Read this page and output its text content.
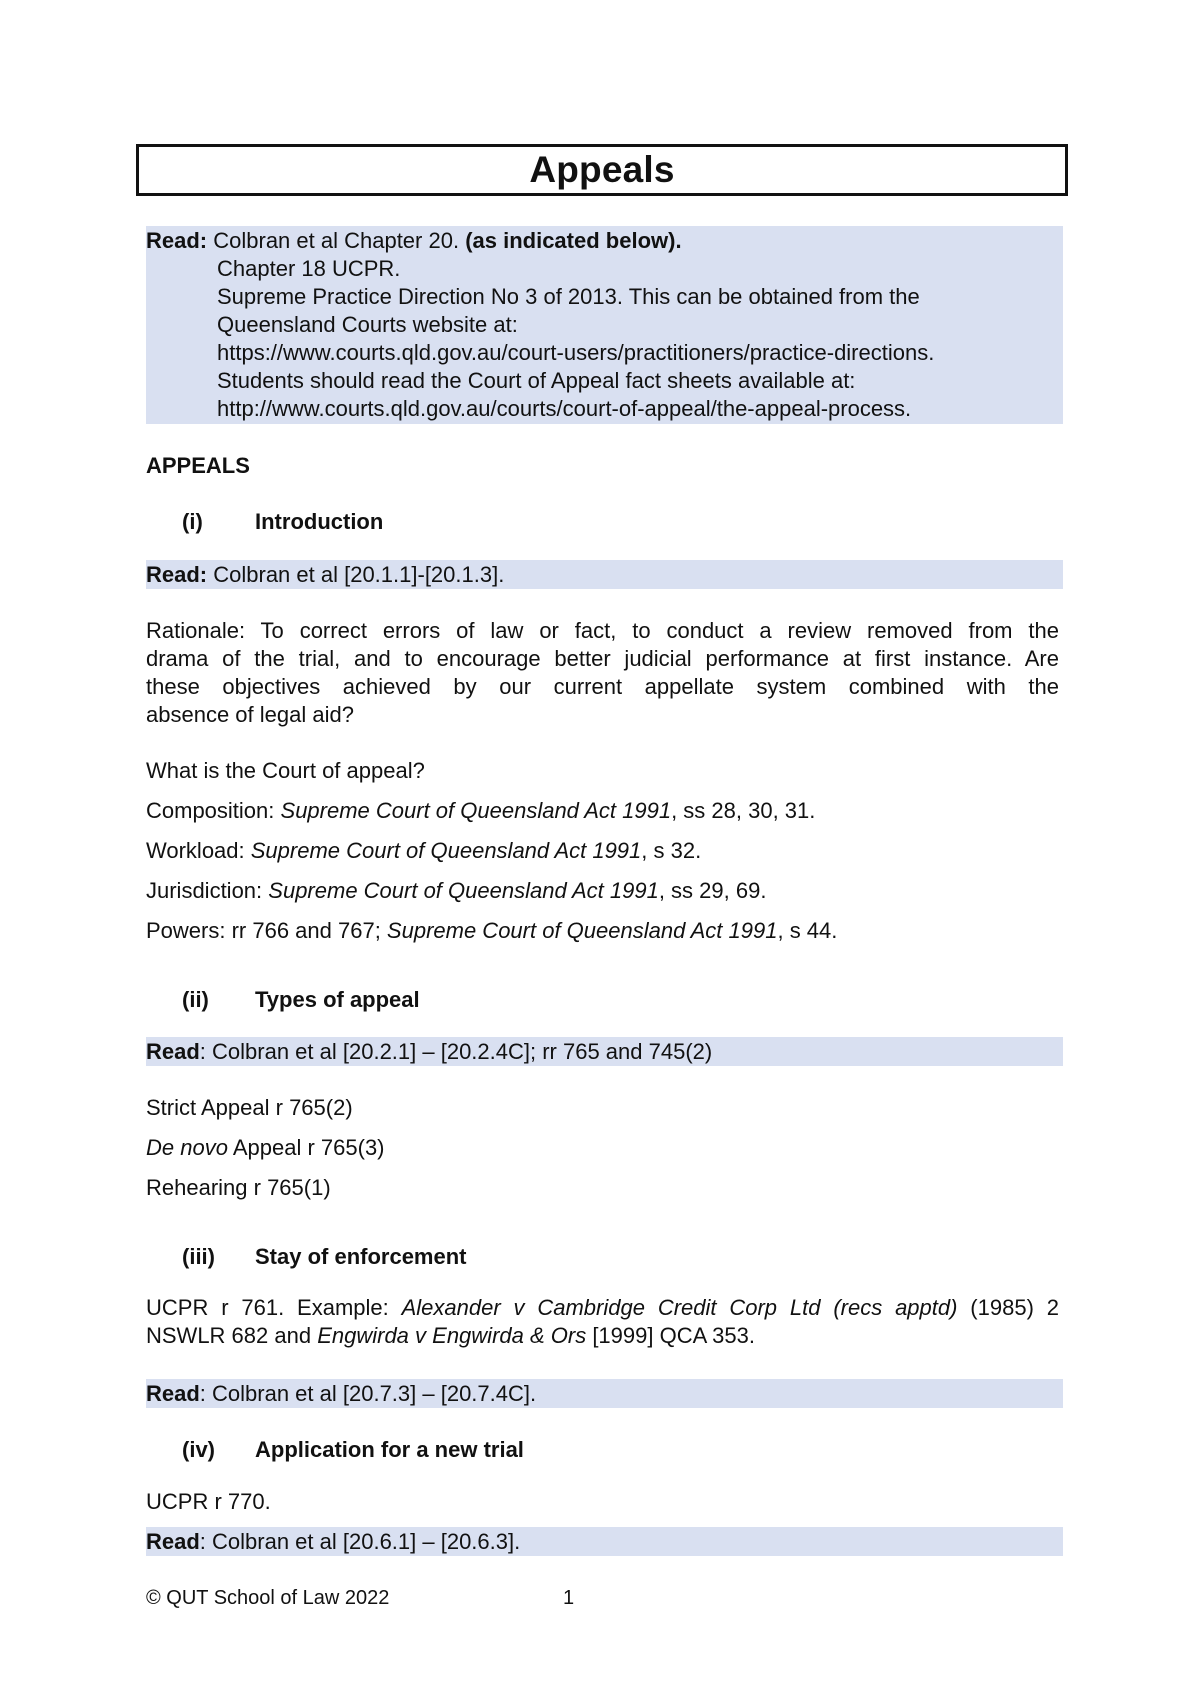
Appeals
Read: Colbran et al Chapter 20. (as indicated below).
Chapter 18 UCPR.
Supreme Practice Direction No 3 of 2013. This can be obtained from the
Queensland Courts website at:
https://www.courts.qld.gov.au/court-users/practitioners/practice-directions.
Students should read the Court of Appeal fact sheets available at:
http://www.courts.qld.gov.au/courts/court-of-appeal/the-appeal-process.
APPEALS
(i) Introduction
Read: Colbran et al [20.1.1]-[20.1.3].
Rationale: To correct errors of law or fact, to conduct a review removed from the
drama of the trial, and to encourage better judicial performance at first instance. Are
these objectives achieved by our current appellate system combined with the
absence of legal aid?
What is the Court of appeal?
Composition: Supreme Court of Queensland Act 1991, ss 28, 30, 31.
Workload: Supreme Court of Queensland Act 1991, s 32.
Jurisdiction: Supreme Court of Queensland Act 1991, ss 29, 69.
Powers: rr 766 and 767; Supreme Court of Queensland Act 1991, s 44.
(ii) Types of appeal
Read: Colbran et al [20.2.1] – [20.2.4C]; rr 765 and 745(2)
Strict Appeal r 765(2)
De novo Appeal r 765(3)
Rehearing r 765(1)
(iii) Stay of enforcement
UCPR r 761. Example: Alexander v Cambridge Credit Corp Ltd (recs apptd) (1985) 2
NSWLR 682 and Engwirda v Engwirda & Ors [1999] QCA 353.
Read: Colbran et al [20.7.3] – [20.7.4C].
(iv) Application for a new trial
UCPR r 770.
Read: Colbran et al [20.6.1] – [20.6.3].
© QUT School of Law 2022	1
